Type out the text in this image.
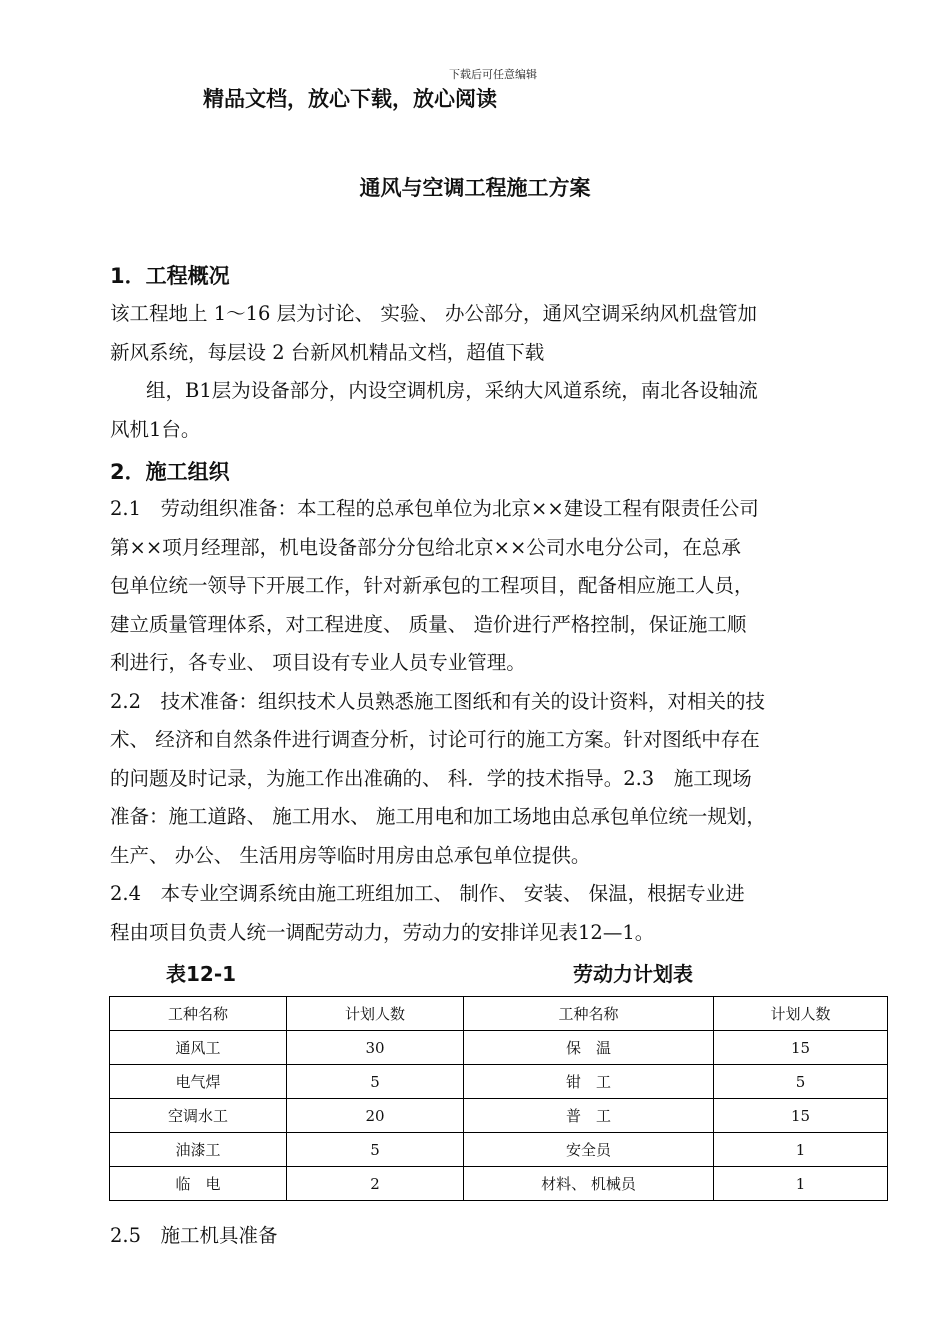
下载后可任意编辑
精品文档，放心下载，放心阅读
通风与空调工程施工方案
1．工程概况
该工程地上 1～16 层为讨论、 实验、 办公部分，通风空调采纳风机盘管加
新风系统，每层设 2 台新风机精品文档，超值下载
组，B1层为设备部分，内设空调机房，采纳大风道系统，南北各设轴流
风机1台。
2．施工组织
2.1　劳动组织准备：本工程的总承包单位为北京××建设工程有限责任公司
第××项月经理部，机电设备部分分包给北京××公司水电分公司，在总承
包单位统一领导下开展工作，针对新承包的工程项目，配备相应施工人员，
建立质量管理体系，对工程进度、 质量、 造价进行严格控制，保证施工顺
利进行，各专业、 项目设有专业人员专业管理。
2.2　技术准备：组织技术人员熟悉施工图纸和有关的设计资料，对相关的技
术、 经济和自然条件进行调查分析，讨论可行的施工方案。针对图纸中存在
的问题及时记录，为施工作出准确的、 科．学的技术指导。2.3　施工现场
准备：施工道路、 施工用水、 施工用电和加工场地由总承包单位统一规划，
生产、 办公、 生活用房等临时用房由总承包单位提供。
2.4　本专业空调系统由施工班组加工、 制作、 安装、 保温，根据专业进
程由项目负责人统一调配劳动力，劳动力的安排详见表12—1。
表12-1	劳动力计划表
工种名称	计划人数	工种名称	计划人数
通风工	30	保　温	15
电气焊	5	钳　工	5
空调水工	20	普　工	15
油漆工	5	安全员	1
临　电	2	材料、 机械员	1
2.5　施工机具准备
